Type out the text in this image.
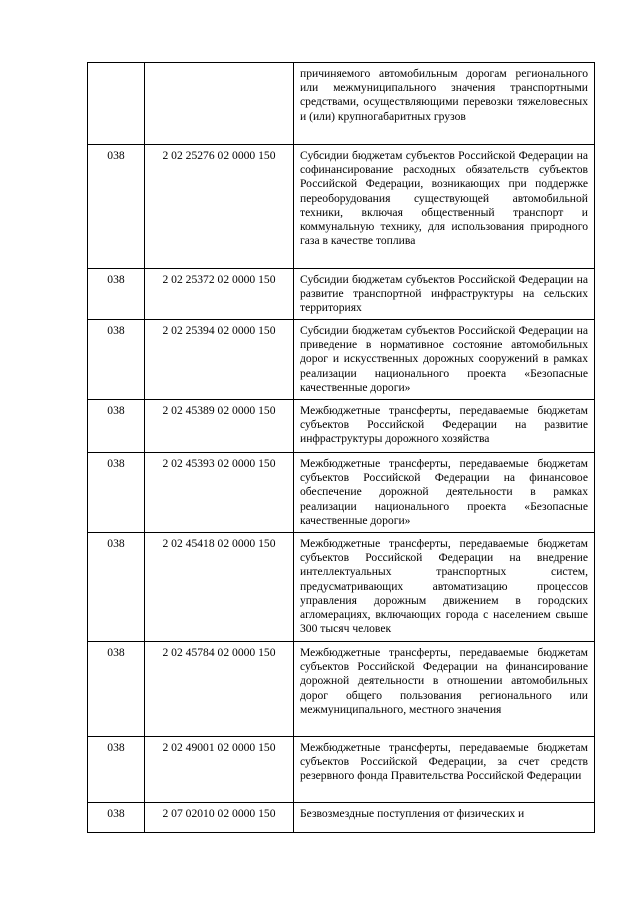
		причиняемого автомобильным дорогам регионального или межмуниципального значения транспортными средствами, осуществляющими перевозки тяжеловесных и (или) крупногабаритных грузов
038	2 02 25276 02 0000 150	Субсидии бюджетам субъектов Российской Федерации на софинансирование расходных обязательств субъектов Российской Федерации, возникающих при поддержке переоборудования существующей автомобильной техники, включая общественный транспорт и коммунальную технику, для использования природного газа в качестве топлива
038	2 02 25372 02 0000 150	Субсидии бюджетам субъектов Российской Федерации на развитие транспортной инфраструктуры на сельских территориях
038	2 02 25394 02 0000 150	Субсидии бюджетам субъектов Российской Федерации на приведение в нормативное состояние автомобильных дорог и искусственных дорожных сооружений в рамках реализации национального проекта «Безопасные качественные дороги»
038	2 02 45389 02 0000 150	Межбюджетные трансферты, передаваемые бюджетам субъектов Российской Федерации на развитие инфраструктуры дорожного хозяйства
038	2 02 45393 02 0000 150	Межбюджетные трансферты, передаваемые бюджетам субъектов Российской Федерации на финансовое обеспечение дорожной деятельности в рамках реализации национального проекта «Безопасные качественные дороги»
038	2 02 45418 02 0000 150	Межбюджетные трансферты, передаваемые бюджетам субъектов Российской Федерации на внедрение интеллектуальных транспортных систем, предусматривающих автоматизацию процессов управления дорожным движением в городских агломерациях, включающих города с населением свыше 300 тысяч человек
038	2 02 45784 02 0000 150	Межбюджетные трансферты, передаваемые бюджетам субъектов Российской Федерации на финансирование дорожной деятельности в отношении автомобильных дорог общего пользования регионального или межмуниципального, местного значения
038	2 02 49001 02 0000 150	Межбюджетные трансферты, передаваемые бюджетам субъектов Российской Федерации, за счет средств резервного фонда Правительства Российской Федерации
038	2 07 02010 02 0000 150	Безвозмездные поступления от физических и
